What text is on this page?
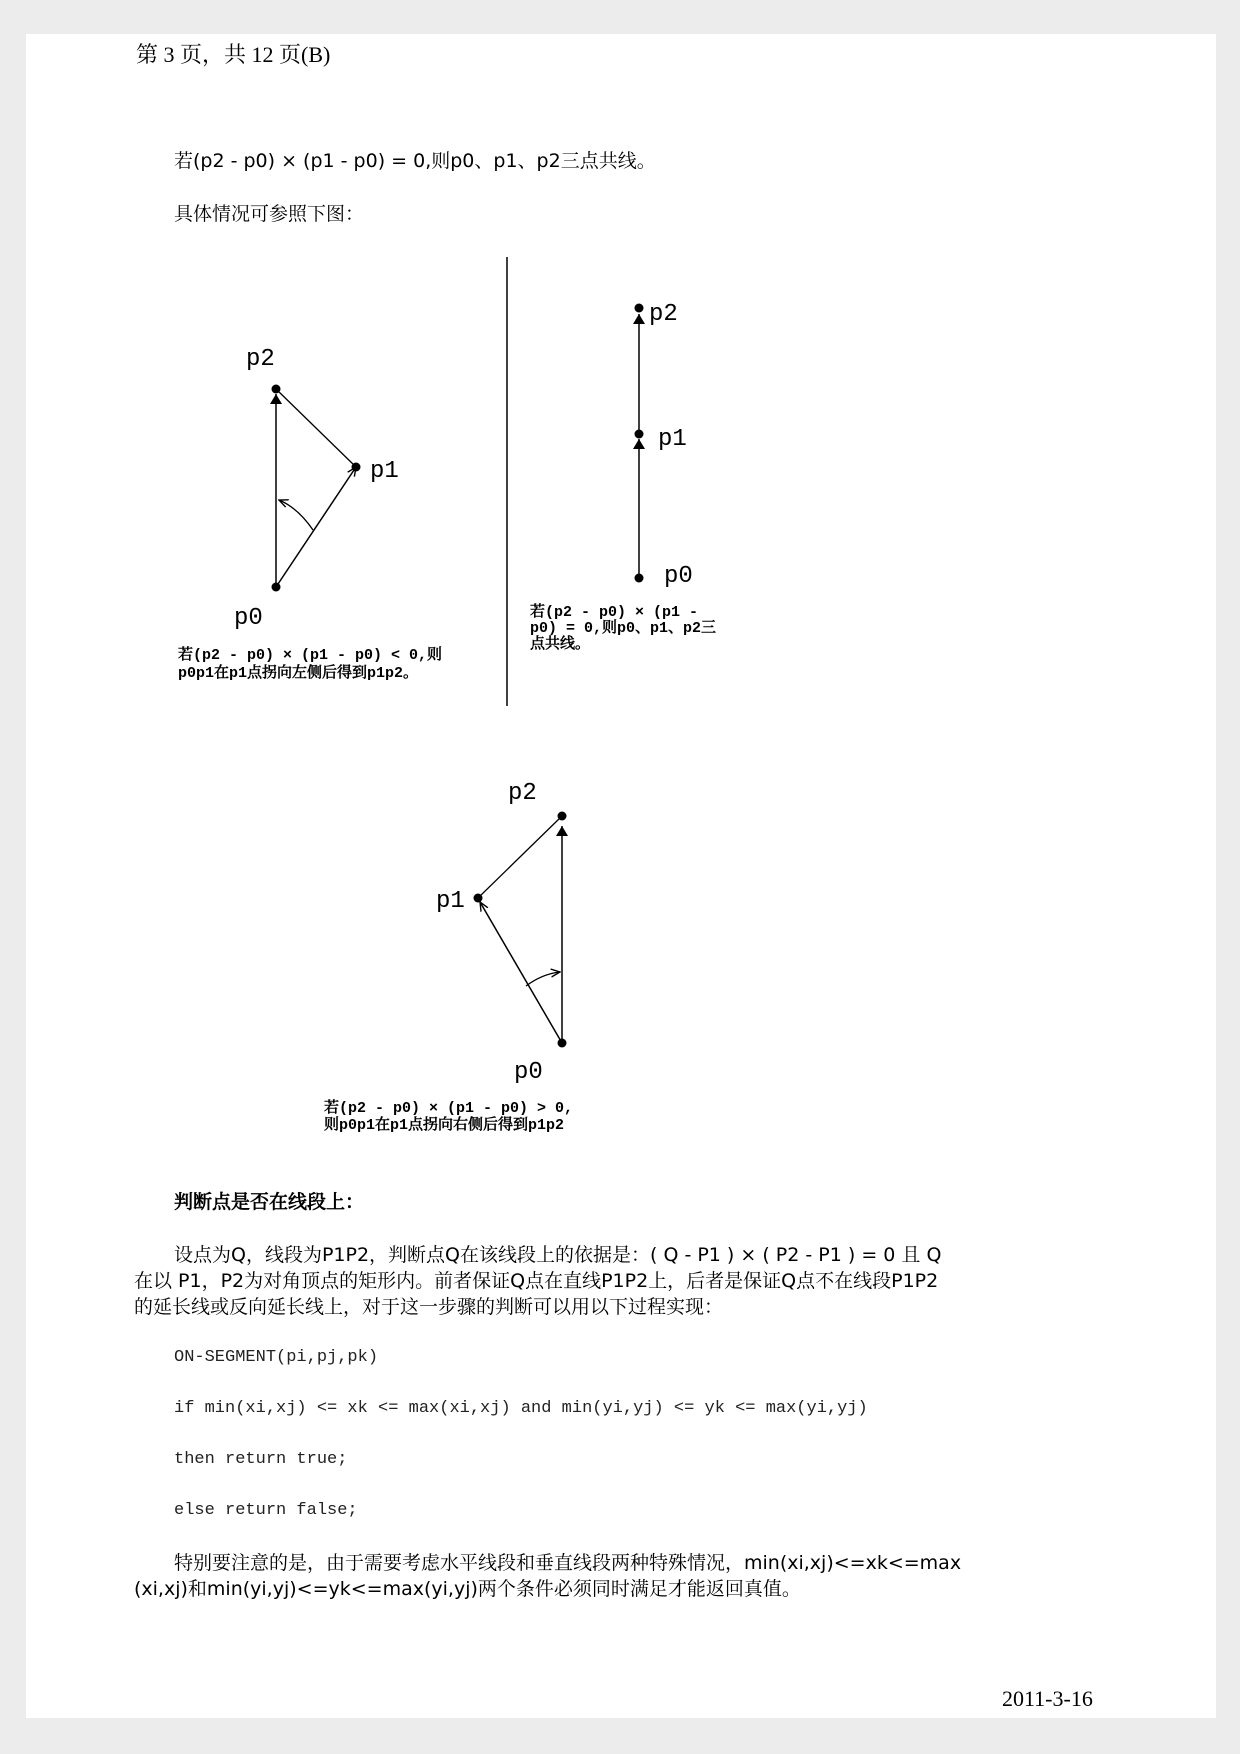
第 3 页，共 12 页(B)
若(p2 - p0) × (p1 - p0) = 0,则p0、p1、p2三点共线。
具体情况可参照下图：
p2
p1
p0
若(p2 - p0) × (p1 - p0) < 0,则
p0p1在p1点拐向左侧后得到p1p2。
p2
p1
p0
若(p2 - p0) × (p1 -
p0) = 0,则p0、p1、p2三
点共线。
p2
p1
p0
若(p2 - p0) × (p1 - p0) > 0,
则p0p1在p1点拐向右侧后得到p1p2
判断点是否在线段上：
设点为Q，线段为P1P2，判断点Q在该线段上的依据是：( Q - P1 ) × ( P2 - P1 ) = 0 且 Q
在以 P1，P2为对角顶点的矩形内。前者保证Q点在直线P1P2上，后者是保证Q点不在线段P1P2
的延长线或反向延长线上，对于这一步骤的判断可以用以下过程实现：
ON-SEGMENT(pi,pj,pk)
if min(xi,xj) <= xk <= max(xi,xj) and min(yi,yj) <= yk <= max(yi,yj)
then return true;
else return false;
特别要注意的是，由于需要考虑水平线段和垂直线段两种特殊情况，min(xi,xj)<=xk<=max
(xi,xj)和min(yi,yj)<=yk<=max(yi,yj)两个条件必须同时满足才能返回真值。
2011-3-16
